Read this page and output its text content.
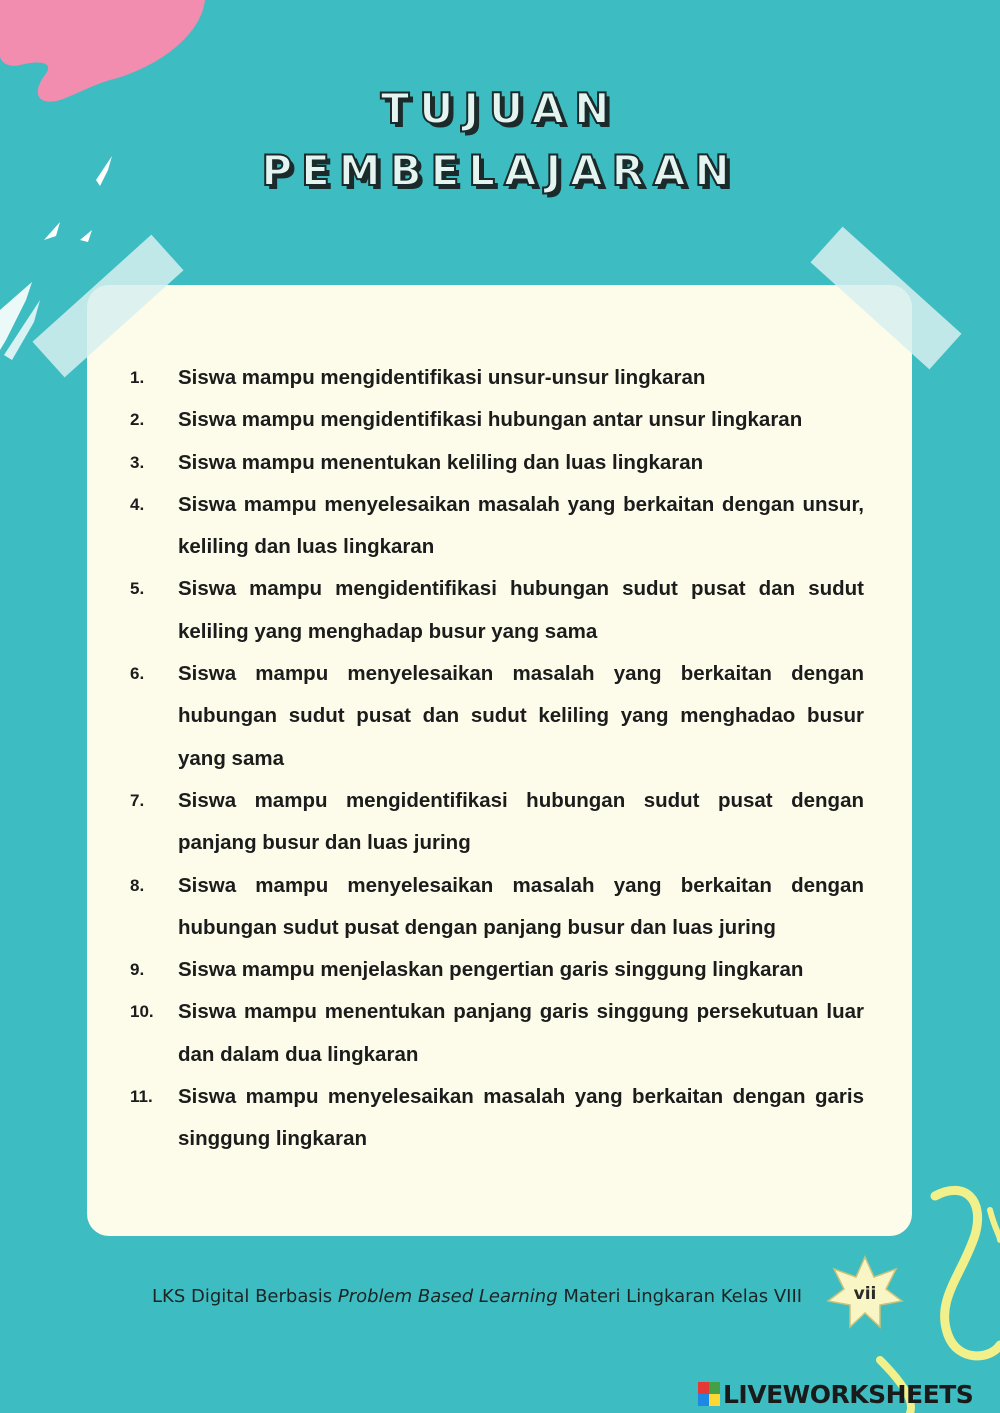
TUJUAN
PEMBELAJARAN
1.	Siswa mampu mengidentifikasi unsur-unsur lingkaran
2.	Siswa mampu mengidentifikasi hubungan antar unsur lingkaran
3.	Siswa mampu menentukan keliling dan luas lingkaran
4.	Siswa mampu menyelesaikan masalah yang berkaitan dengan unsur, keliling dan luas lingkaran
5.	Siswa mampu mengidentifikasi hubungan sudut pusat dan sudut keliling yang menghadap busur yang sama
6.	Siswa mampu menyelesaikan masalah yang berkaitan dengan hubungan sudut pusat dan sudut keliling yang menghadao busur yang sama
7.	Siswa mampu mengidentifikasi hubungan sudut pusat dengan panjang busur dan luas juring
8.	Siswa mampu menyelesaikan masalah yang berkaitan dengan hubungan sudut pusat dengan panjang busur dan luas juring
9.	Siswa mampu menjelaskan pengertian garis singgung lingkaran
10.	Siswa mampu menentukan panjang garis singgung persekutuan luar dan dalam dua lingkaran
11.	Siswa mampu menyelesaikan masalah yang berkaitan dengan garis singgung lingkaran
LKS Digital Berbasis Problem Based Learning Materi Lingkaran Kelas VIII	vii
LIVEWORKSHEETS
